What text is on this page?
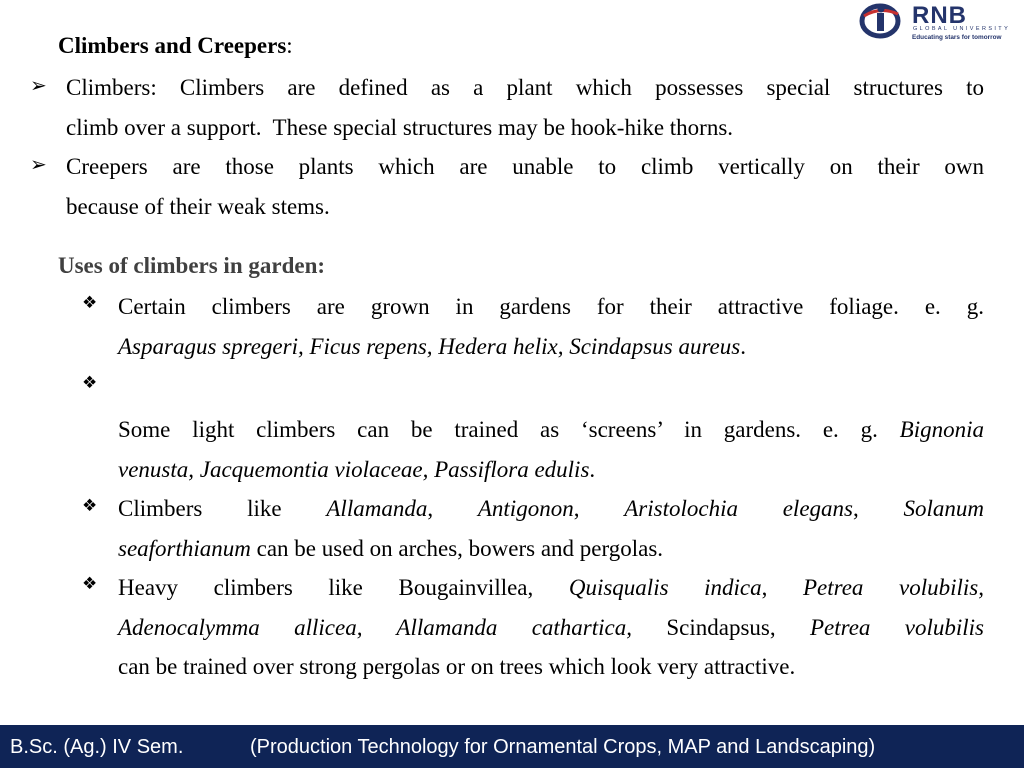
RNB
GLOBAL UNIVERSITY
Educating stars for tomorrow
Climbers and Creepers:
➢ Climbers: Climbers are defined as a plant which possesses special structures to
climb over a support.  These special structures may be hook-hike thorns.
➢ Creepers are those plants which are unable to climb vertically on their own
because of their weak stems.
Uses of climbers in garden:
❖ Certain climbers are grown in gardens for their attractive foliage. e. g.
Asparagus spregeri, Ficus repens, Hedera helix, Scindapsus aureus.
❖
Some light climbers can be trained as ‘screens’ in gardens. e. g. Bignonia
venusta, Jacquemontia violaceae, Passiflora edulis.
❖ Climbers like Allamanda, Antigonon, Aristolochia elegans, Solanum
seaforthianum can be used on arches, bowers and pergolas.
❖ Heavy climbers like Bougainvillea, Quisqualis indica, Petrea volubilis,
Adenocalymma allicea, Allamanda cathartica, Scindapsus, Petrea volubilis
can be trained over strong pergolas or on trees which look very attractive.
B.Sc. (Ag.) IV Sem.	(Production Technology for Ornamental Crops, MAP and Landscaping)
